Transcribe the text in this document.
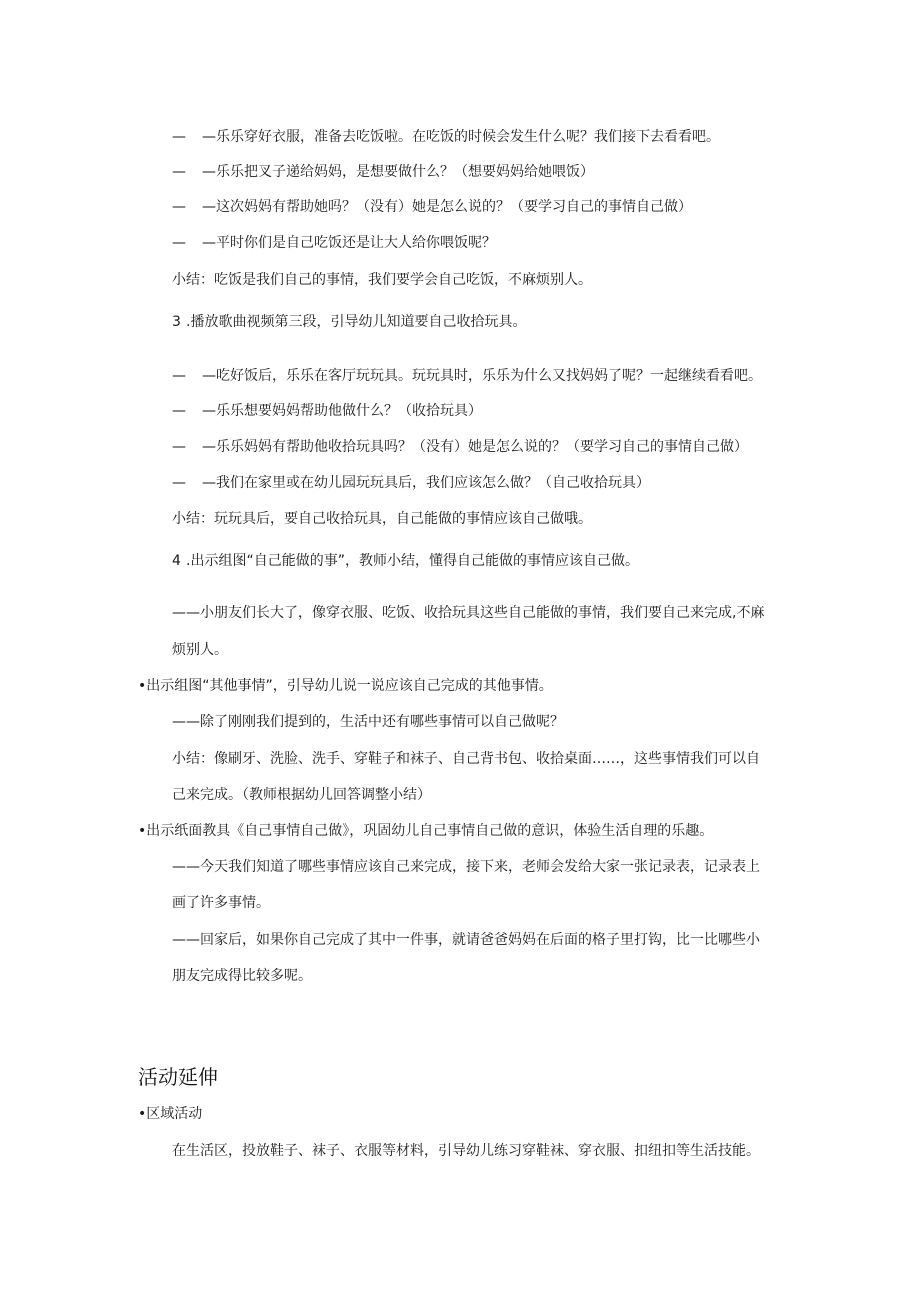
— —乐乐穿好衣服，准备去吃饭啦。在吃饭的时候会发生什么呢？我们接下去看看吧。
— —乐乐把叉子递给妈妈，是想要做什么？（想要妈妈给她喂饭）
— —这次妈妈有帮助她吗？（没有）她是怎么说的？（要学习自己的事情自己做）
— —平时你们是自己吃饭还是让大人给你喂饭呢？
小结：吃饭是我们自己的事情，我们要学会自己吃饭，不麻烦别人。
3 .播放歌曲视频第三段，引导幼儿知道要自己收拾玩具。
— —吃好饭后，乐乐在客厅玩玩具。玩玩具时，乐乐为什么又找妈妈了呢？一起继续看看吧。
— —乐乐想要妈妈帮助他做什么？（收拾玩具）
— —乐乐妈妈有帮助他收拾玩具吗？（没有）她是怎么说的？（要学习自己的事情自己做）
— —我们在家里或在幼儿园玩玩具后，我们应该怎么做？（自己收拾玩具）
小结：玩玩具后，要自己收拾玩具，自己能做的事情应该自己做哦。
4 .出示组图“自己能做的事”，教师小结，懂得自己能做的事情应该自己做。
——小朋友们长大了，像穿衣服、吃饭、收拾玩具这些自己能做的事情，我们要自己来完成,不麻
烦别人。
•出示组图“其他事情”，引导幼儿说一说应该自己完成的其他事情。
——除了刚刚我们提到的，生活中还有哪些事情可以自己做呢？
小结：像刷牙、洗脸、洗手、穿鞋子和袜子、自己背书包、收拾桌面……，这些事情我们可以自
己来完成。（教师根据幼儿回答调整小结）
•出示纸面教具《自己事情自己做》，巩固幼儿自己事情自己做的意识，体验生活自理的乐趣。
——今天我们知道了哪些事情应该自己来完成，接下来，老师会发给大家一张记录表，记录表上
画了许多事情。
——回家后，如果你自己完成了其中一件事，就请爸爸妈妈在后面的格子里打钩，比一比哪些小
朋友完成得比较多呢。
活动延伸
•区域活动
在生活区，投放鞋子、袜子、衣服等材料，引导幼儿练习穿鞋袜、穿衣服、扣纽扣等生活技能。
